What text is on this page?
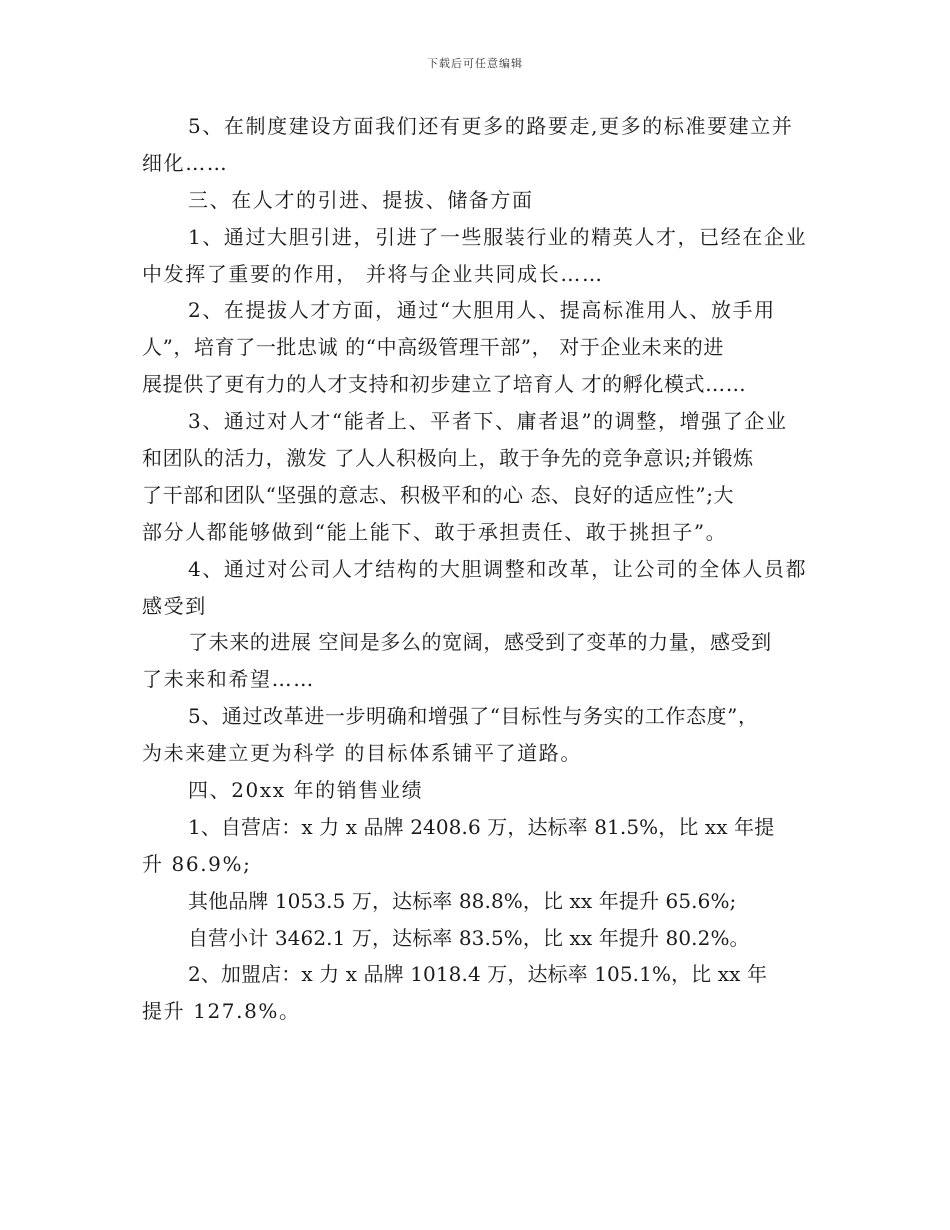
下载后可任意编辑
5、在制度建设方面我们还有更多的路要走,更多的标准要建立并
细化……
三、在人才的引进、提拔、储备方面
1、通过大胆引进，引进了一些服装行业的精英人才，已经在企业
中发挥了重要的作用， 并将与企业共同成长……
2、在提拔人才方面，通过“大胆用人、提高标准用人、放手用
人”，培育了一批忠诚 的“中高级管理干部”， 对于企业未来的进
展提供了更有力的人才支持和初步建立了培育人 才的孵化模式……
3、通过对人才“能者上、平者下、庸者退”的调整，增强了企业
和团队的活力，激发 了人人积极向上，敢于争先的竞争意识;并锻炼
了干部和团队“坚强的意志、积极平和的心 态、良好的适应性”;大
部分人都能够做到“能上能下、敢于承担责任、敢于挑担子”。
4、通过对公司人才结构的大胆调整和改革，让公司的全体人员都
感受到
了未来的进展 空间是多么的宽阔，感受到了变革的力量，感受到
了未来和希望……
5、通过改革进一步明确和增强了“目标性与务实的工作态度”，
为未来建立更为科学 的目标体系铺平了道路。
四、20xx 年的销售业绩
1、自营店：x 力 x 品牌 2408.6 万，达标率 81.5%，比 xx 年提
升 86.9%;
其他品牌 1053.5 万，达标率 88.8%，比 xx 年提升 65.6%;
自营小计 3462.1 万，达标率 83.5%，比 xx 年提升 80.2%。
2、加盟店：x 力 x 品牌 1018.4 万，达标率 105.1%，比 xx 年
提升 127.8%。
